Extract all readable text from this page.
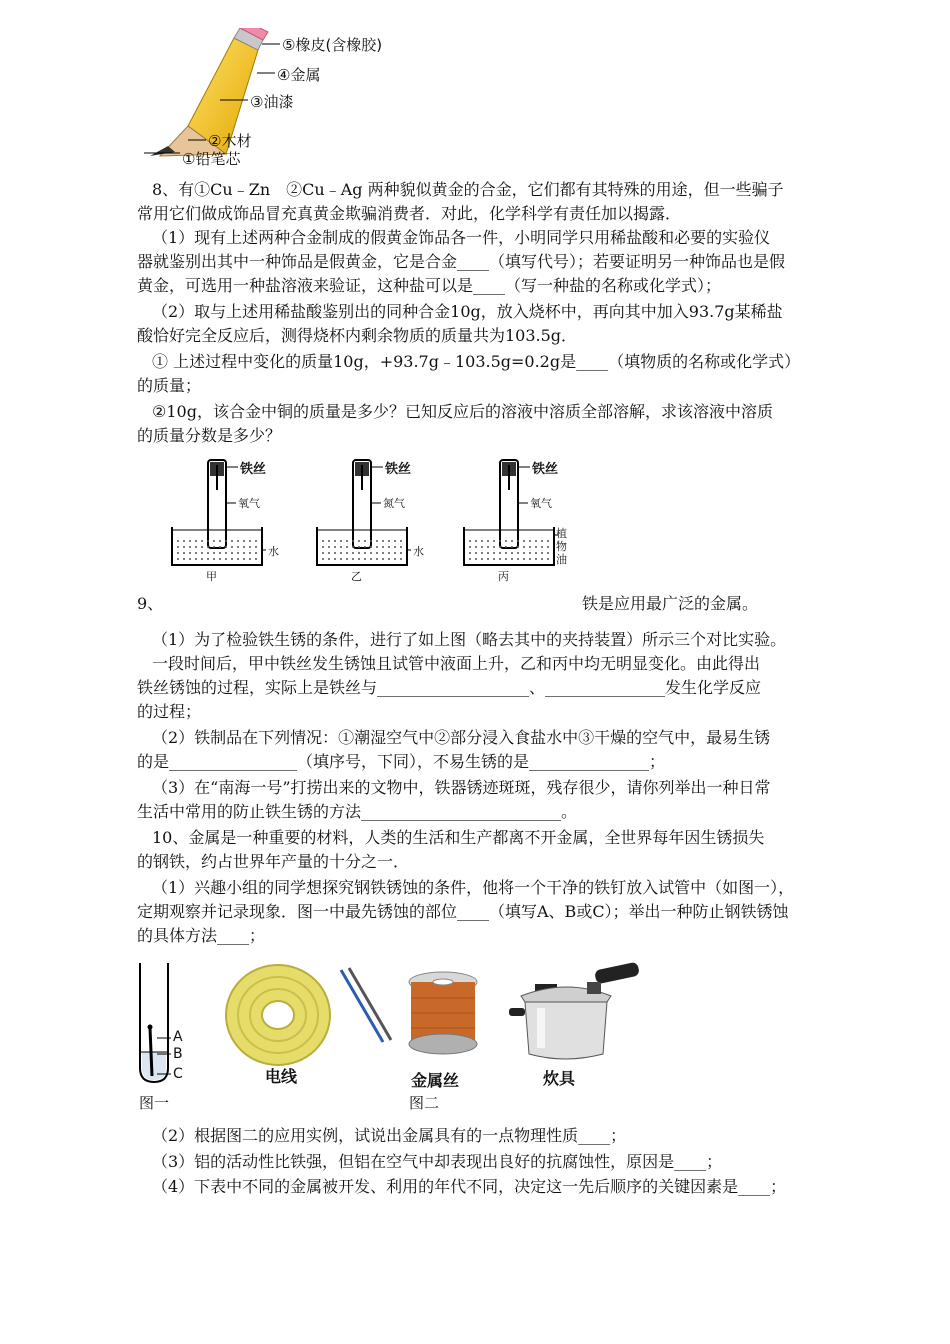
⑤橡皮(含橡胶)
④金属
③油漆
②木材
①铅笔芯
8、有①Cu﹣Zn　②Cu﹣Ag 两种貌似黄金的合金，它们都有其特殊的用途，但一些骗子
常用它们做成饰品冒充真黄金欺骗消费者．对此，化学科学有责任加以揭露．
（1）现有上述两种合金制成的假黄金饰品各一件，小明同学只用稀盐酸和必要的实验仪
器就鉴别出其中一种饰品是假黄金，它是合金____（填写代号）；若要证明另一种饰品也是假
黄金，可选用一种盐溶液来验证，这种盐可以是____（写一种盐的名称或化学式）；
（2）取与上述用稀盐酸鉴别出的同种合金10g，放入烧杯中，再向其中加入93.7g某稀盐
酸恰好完全反应后，测得烧杯内剩余物质的质量共为103.5g．
① 上述过程中变化的质量10g，+93.7g﹣103.5g=0.2g是____（填物质的名称或化学式）
的质量；
②10g，该合金中铜的质量是多少？已知反应后的溶液中溶质全部溶解，求该溶液中溶质
的质量分数是多少？
铁丝
氧气
水
甲
铁丝
氮气
水
乙
铁丝
氧气
植物油
丙
9、	铁是应用最广泛的金属。
（1）为了检验铁生锈的条件，进行了如上图（略去其中的夹持装置）所示三个对比实验。
一段时间后，甲中铁丝发生锈蚀且试管中液面上升，乙和丙中均无明显变化。由此得出
铁丝锈蚀的过程，实际上是铁丝与___________________、_______________发生化学反应
的过程；
（2）铁制品在下列情况：①潮湿空气中②部分浸入食盐水中③干燥的空气中，最易生锈
的是________________（填序号，下同），不易生锈的是_______________；
（3）在“南海一号”打捞出来的文物中，铁器锈迹斑斑，残存很少，请你列举出一种日常
生活中常用的防止铁生锈的方法_________________________。
10、金属是一种重要的材料，人类的生活和生产都离不开金属，全世界每年因生锈损失
的钢铁，约占世界年产量的十分之一．
（1）兴趣小组的同学想探究钢铁锈蚀的条件，他将一个干净的铁钉放入试管中（如图一），
定期观察并记录现象．图一中最先锈蚀的部位____（填写A、B或C）；举出一种防止钢铁锈蚀
的具体方法____；
A
B
C
图一
电线	金属丝
图二
炊具
（2）根据图二的应用实例，试说出金属具有的一点物理性质____；
（3）铝的活动性比铁强，但铝在空气中却表现出良好的抗腐蚀性，原因是____；
（4）下表中不同的金属被开发、利用的年代不同，决定这一先后顺序的关键因素是____；
